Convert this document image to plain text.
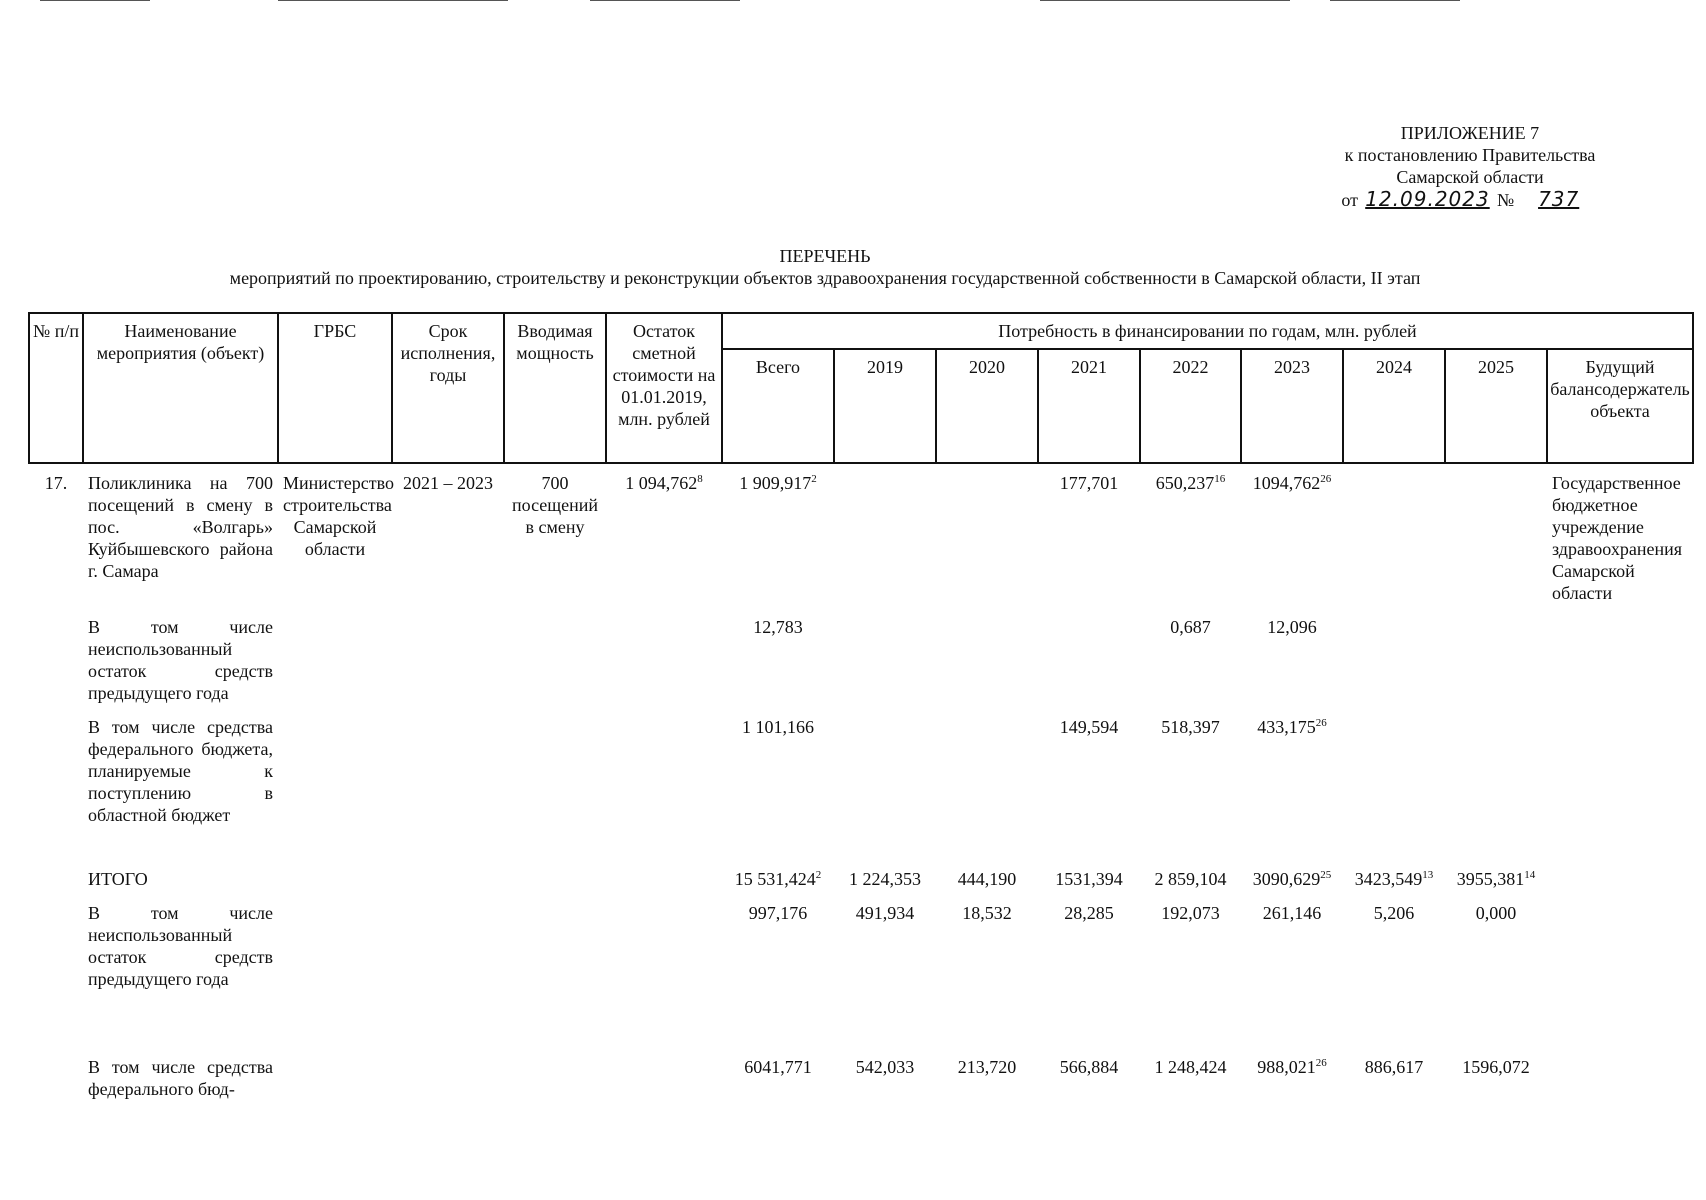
ПРИЛОЖЕНИЕ 7
к постановлению Правительства
Самарской области
от 12.09.2023 № 737
ПЕРЕЧЕНЬ
мероприятий по проектированию, строительству и реконструкции объектов здравоохранения государственной собственности в Самарской области, II этап
№ п/п	Наименование мероприятия (объект)	ГРБС	Срок исполнения, годы	Вводимая мощность	Остаток сметной стоимости на 01.01.2019, млн. рублей	Потребность в финансировании по годам, млн. рублей								
						Всего	2019	2020	2021	2022	2023	2024	2025	Будущий балансодержатель объекта
17.	Поликлиника на 700 посещений в смену в пос. «Волгарь» Куйбышевского района г. Самара	Министерство строительства Самарской области	2021 – 2023	700 посещений в смену	1 094,762$^8$	1 909,917$^2$			177,701	650,237$^{16}$	1094,762$^{26}$			Государственное бюджетное учреждение здравоохранения Самарской области
	В том числе неиспользованный остаток средств предыдущего года					12,783				0,687	12,096			
	В том числе средства федерального бюджета, планируемые к поступлению в областной бюджет					1 101,166			149,594	518,397	433,175$^{26}$			

	ИТОГО					15 531,424$^2$	1 224,353	444,190	1531,394	2 859,104	3090,629$^{25}$	3423,549$^{13}$	3955,381$^{14}$	
	В том числе неиспользованный остаток средств предыдущего года					997,176	491,934	18,532	28,285	192,073	261,146	5,206	0,000	

	В том числе средства федерального бюд-					6041,771	542,033	213,720	566,884	1 248,424	988,021$^{26}$	886,617	1596,072	
